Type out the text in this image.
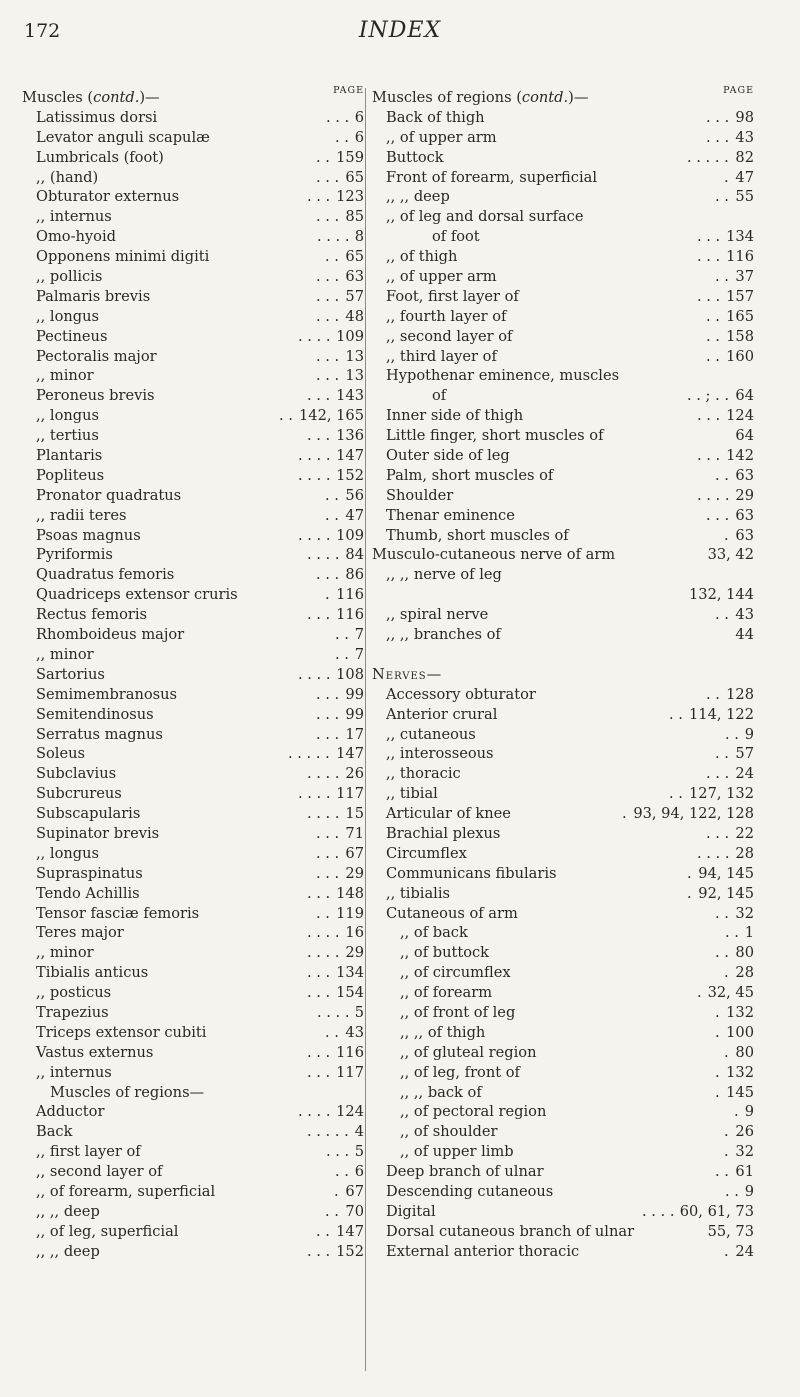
172	INDEX
PAGE
Muscles (contd.)—
Latissimus dorsi	. . . 6
Levator anguli scapulæ	. . 6
Lumbricals (foot)	. . 159
,, (hand)	. . . 65
Obturator externus	. . . 123
,, internus	. . . 85
Omo-hyoid	. . . . 8
Opponens minimi digiti	. . 65
,, pollicis	. . . 63
Palmaris brevis	. . . 57
,, longus	. . . 48
Pectineus	. . . . 109
Pectoralis major	. . . 13
,, minor	. . . 13
Peroneus brevis	. . . 143
,, longus	. . 142, 165
,, tertius	. . . 136
Plantaris	. . . . 147
Popliteus	. . . . 152
Pronator quadratus	. . 56
,, radii teres	. . 47
Psoas magnus	. . . . 109
Pyriformis	. . . . 84
Quadratus femoris	. . . 86
Quadriceps extensor cruris	. 116
Rectus femoris	. . . 116
Rhomboideus major	. . 7
,, minor	. . 7
Sartorius	. . . . 108
Semimembranosus	. . . 99
Semitendinosus	. . . 99
Serratus magnus	. . . 17
Soleus	. . . . . 147
Subclavius	. . . . 26
Subcrureus	. . . . 117
Subscapularis	. . . . 15
Supinator brevis	. . . 71
,, longus	. . . 67
Supraspinatus	. . . 29
Tendo Achillis	. . . 148
Tensor fasciæ femoris	. . 119
Teres major	. . . . 16
,, minor	. . . . 29
Tibialis anticus	. . . 134
,, posticus	. . . 154
Trapezius	. . . . 5
Triceps extensor cubiti	. . 43
Vastus externus	. . . 116
,, internus	. . . 117
Muscles of regions—
Adductor	. . . . 124
Back	. . . . . 4
,, first layer of	. . . 5
,, second layer of	. . 6
,, of forearm, superficial	. 67
,, ,, deep	. . 70
,, of leg, superficial	. . 147
,, ,, deep	. . . 152
PAGE
Muscles of regions (contd.)—
Back of thigh	. . . 98
,, of upper arm	. . . 43
Buttock	. . . . . 82
Front of forearm, superficial	. 47
,, ,, deep	. . 55
,, of leg and dorsal surface
of foot	. . . 134
,, of thigh	. . . 116
,, of upper arm	. . 37
Foot, first layer of	. . . 157
,, fourth layer of	. . 165
,, second layer of	. . 158
,, third layer of	. . 160
Hypothenar eminence, muscles
of	. . ; . . 64
Inner side of thigh	. . . 124
Little finger, short muscles of	64
Outer side of leg	. . . 142
Palm, short muscles of	. . 63
Shoulder	. . . . 29
Thenar eminence	. . . 63
Thumb, short muscles of	. 63
Musculo-cutaneous nerve of arm	33, 42
,, ,, nerve of leg
132, 144
,, spiral nerve	. . 43
,, ,, branches of	44
Nerves—
Accessory obturator	. . 128
Anterior crural	. . 114, 122
,, cutaneous	. . 9
,, interosseous	. . 57
,, thoracic	. . . 24
,, tibial	. . 127, 132
Articular of knee	. 93, 94, 122, 128
Brachial plexus	. . . 22
Circumflex	. . . . 28
Communicans fibularis	. 94, 145
,, tibialis	. 92, 145
Cutaneous of arm	. . 32
,, of back	. . 1
,, of buttock	. . 80
,, of circumflex	. 28
,, of forearm	. 32, 45
,, of front of leg	. 132
,, ,, of thigh	. 100
,, of gluteal region	. 80
,, of leg, front of	. 132
,, ,, back of	. 145
,, of pectoral region	. 9
,, of shoulder	. 26
,, of upper limb	. 32
Deep branch of ulnar	. . 61
Descending cutaneous	. . 9
Digital	. . . . 60, 61, 73
Dorsal cutaneous branch of ulnar	55, 73
External anterior thoracic	. 24
